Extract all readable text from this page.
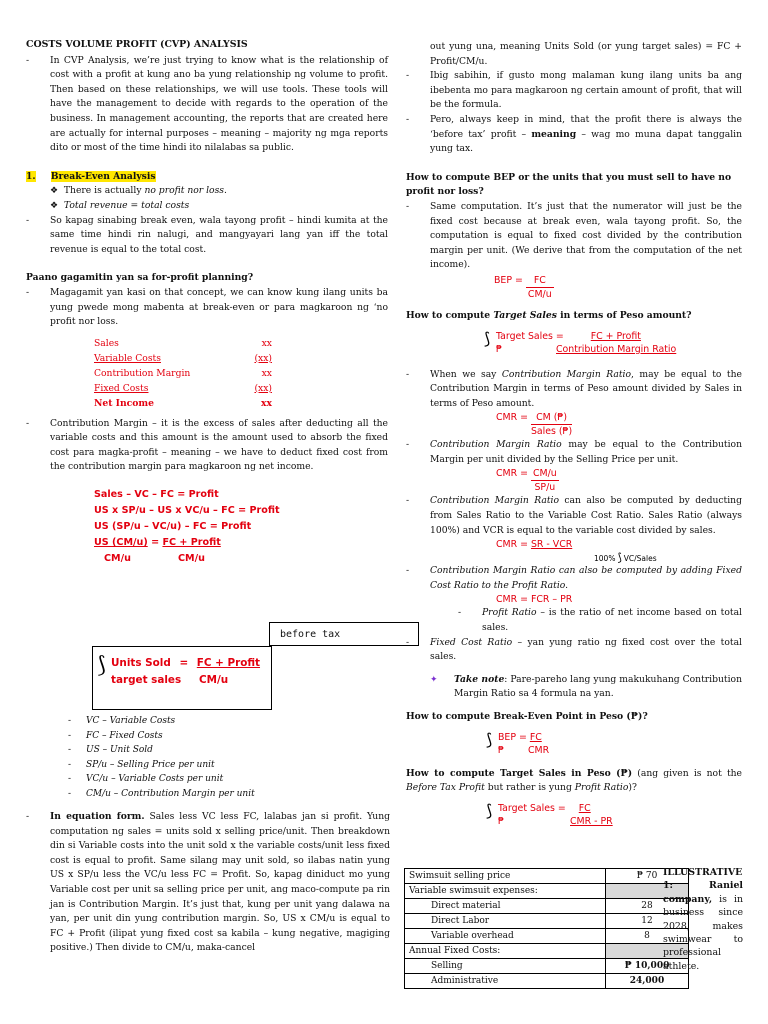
COSTS VOLUME PROFIT (CVP) ANALYSIS

- In CVP Analysis, we’re just trying to know what is the relationship of cost with a profit at kung ano ba yung relationship ng volume to profit. Then based on these relationships, we will use tools. These tools will have the management to decide with regards to the operation of the business. In management accounting, the reports that are created here are actually for internal purposes – meaning – majority ng mga reports dito or most of the time hindi ito nilalabas sa public.
1. Break-Even Analysis
❖ There is actually no profit nor loss.
❖ Total revenue = total costs
- So kapag sinabing break even, wala tayong profit – hindi kumita at the same time hindi rin nalugi, and mangyayari lang yan iff the total revenue is equal to the total cost.

Paano gagamitin yan sa for-profit planning?

- Magagamit yan kasi on that concept, we can know kung ilang units ba yung pwede mong mabenta at break-even or para magkaroon ng ‘no profit nor loss.
Sales	xx
Variable Costs	(xx)
Contribution Margin	xx
Fixed Costs	(xx)
Net Income	xx
- Contribution Margin – it is the excess of sales after deducting all the variable costs and this amount is the amount used to absorb the fixed cost para magka-profit – meaning – we have to deduct fixed cost from the contribution margin para magkaroon ng net income.
Sales – VC – FC = Profit
US x SP/u – US x VC/u – FC = Profit
US (SP/u – VC/u) – FC = Profit
US (CM/u) = FC + Profit
CM/u	CM/u
before tax
⟆ Units Sold = FC + Profit
target sales CM/u
- VC – Variable Costs
- FC – Fixed Costs
- US – Unit Sold
- SP/u – Selling Price per unit
- VC/u – Variable Costs per unit
- CM/u – Contribution Margin per unit
- In equation form. Sales less VC less FC, lalabas jan si profit. Yung computation ng sales = units sold x selling price/unit. Then breakdown din si Variable costs into the unit sold x the variable costs/unit less fixed cost is equal to profit. Same silang may unit sold, so ilabas natin yung US x SP/u less the VC/u less FC = Profit. So, kapag diniduct mo yung Variable cost per unit sa selling price per unit, ang maco-compute pa rin jan is Contribution Margin. It’s just that, kung per unit yang dalawa na yan, per unit din yung contribution margin. So, US x CM/u is equal to FC + Profit (ilipat yung fixed cost sa kabila – kung negative, magiging positive.) Then divide to CM/u, maka-cancel

out yung una, meaning Units Sold (or yung target sales) = FC + Profit/CM/u.

- Ibig sabihin, if gusto mong malaman kung ilang units ba ang ibebenta mo para magkaroon ng certain amount of profit, that will be the formula.
- Pero, always keep in mind, that the profit there is always the ‘before tax’ profit – meaning – wag mo muna dapat tanggalin yung tax.

How to compute BEP or the units that you must sell to have no profit nor loss?

- Same computation. It’s just that the numerator will just be the fixed cost because at break even, wala tayong profit. So, the computation is equal to fixed cost divided by the contribution margin per unit. (We derive that from the computation of the net income).
BEP = $\frac{FC}{CM/u}$

How to compute Target Sales in terms of Peso amount?

⟆ Target Sales =	FC + Profit
₱	Contribution Margin Ratio
- When we say Contribution Margin Ratio, may be equal to the Contribution Margin in terms of Peso amount divided by Sales in terms of Peso amount.
CMR = $\frac{CM (₱)}{\text{Sales (₱)}}$
- Contribution Margin Ratio may be equal to the Contribution Margin per unit divided by the Selling Price per unit.
CMR = $\frac{CM/u}{SP/u}$
- Contribution Margin Ratio can also be computed by deducting from Sales Ratio to the Variable Cost Ratio. Sales Ratio (always 100%) and VCR is equal to the variable cost divided by sales.
CMR = SR - VCR
100% ⟆ VC/Sales
- Contribution Margin Ratio can also be computed by adding Fixed Cost Ratio to the Profit Ratio.
CMR = FCR – PR
- Profit Ratio – is the ratio of net income based on total sales.
- Fixed Cost Ratio – yan yung ratio ng fixed cost over the total sales.
✦ Take note: Pare-pareho lang yung makukuhang Contribution Margin Ratio sa 4 formula na yan.

How to compute Break-Even Point in Peso (₱)?

⟆ BEP = FC
₱	CMR

How to compute Target Sales in Peso (₱) (ang given is not the Before Tax Profit but rather is yung Profit Ratio)?

⟆ Target Sales = FC
₱	CMR - PR
Swimsuit selling price	₱ 70
Variable swimsuit expenses:	
Direct material	28
Direct Labor	12
Variable overhead	8
Annual Fixed Costs:	
Selling	₱ 10,000
Administrative	24,000
ILLUSTRATIVE 1:	Raniel company, is in business since 2028, makes swimwear to professional athlete.
